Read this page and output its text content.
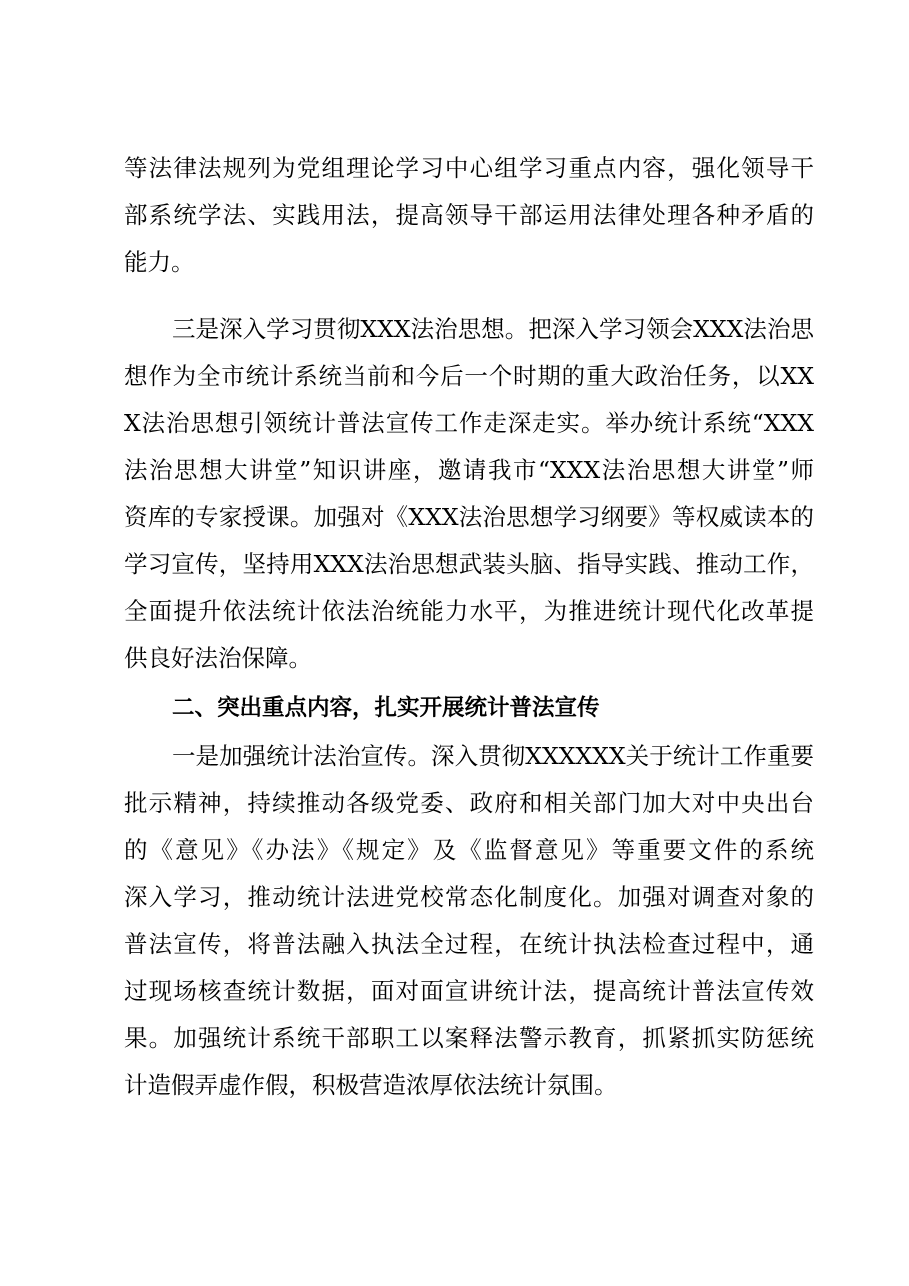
等法律法规列为党组理论学习中心组学习重点内容，强化领导干
部系统学法、实践用法，提高领导干部运用法律处理各种矛盾的
能力。
三是深入学习贯彻XXX法治思想。把深入学习领会XXX法治思
想作为全市统计系统当前和今后一个时期的重大政治任务，以XX
X法治思想引领统计普法宣传工作走深走实。举办统计系统“XXX
法治思想大讲堂”知识讲座，邀请我市“XXX法治思想大讲堂”师
资库的专家授课。加强对《XXX法治思想学习纲要》等权威读本的
学习宣传，坚持用XXX法治思想武装头脑、指导实践、推动工作，
全面提升依法统计依法治统能力水平，为推进统计现代化改革提
供良好法治保障。
二、突出重点内容，扎实开展统计普法宣传
一是加强统计法治宣传。深入贯彻XXXXXX关于统计工作重要
批示精神，持续推动各级党委、政府和相关部门加大对中央出台
的《意见》《办法》《规定》及《监督意见》等重要文件的系统
深入学习，推动统计法进党校常态化制度化。加强对调查对象的
普法宣传，将普法融入执法全过程，在统计执法检查过程中，通
过现场核查统计数据，面对面宣讲统计法，提高统计普法宣传效
果。加强统计系统干部职工以案释法警示教育，抓紧抓实防惩统
计造假弄虚作假，积极营造浓厚依法统计氛围。
